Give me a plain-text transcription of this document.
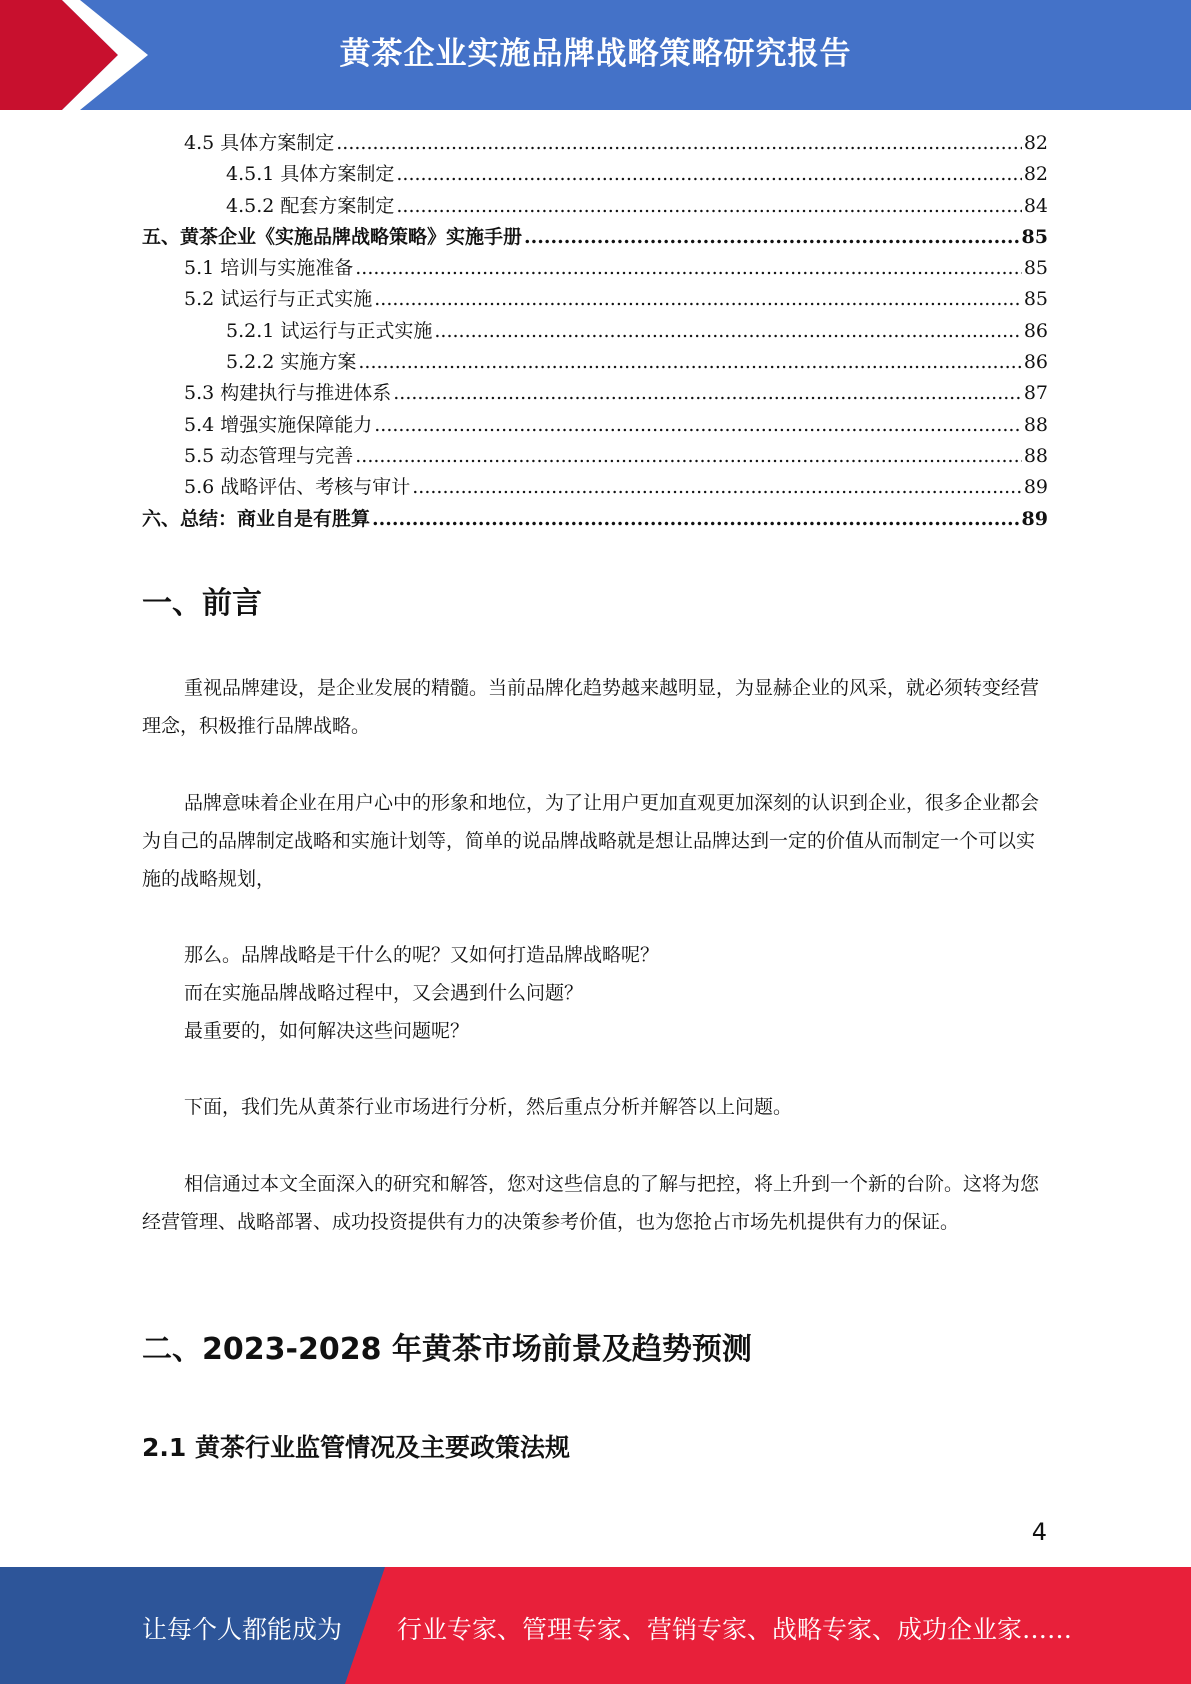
黄茶企业实施品牌战略策略研究报告
4.5 具体方案制定 .....	82
4.5.1 具体方案制定 .....	82
4.5.2 配套方案制定 .....	84
五、黄茶企业《实施品牌战略策略》实施手册 .....	85
5.1 培训与实施准备 .....	85
5.2 试运行与正式实施 .....	85
5.2.1 试运行与正式实施 .....	86
5.2.2 实施方案 .....	86
5.3 构建执行与推进体系 .....	87
5.4 增强实施保障能力 .....	88
5.5 动态管理与完善 .....	88
5.6 战略评估、考核与审计 .....	89
六、总结：商业自是有胜算 .....	89
一、前言

重视品牌建设，是企业发展的精髓。当前品牌化趋势越来越明显，为显赫企业的风采，就必须转变经营理念，积极推行品牌战略。

品牌意味着企业在用户心中的形象和地位，为了让用户更加直观更加深刻的认识到企业，很多企业都会为自己的品牌制定战略和实施计划等，简单的说品牌战略就是想让品牌达到一定的价值从而制定一个可以实施的战略规划，

那么。品牌战略是干什么的呢？又如何打造品牌战略呢？

而在实施品牌战略过程中，又会遇到什么问题？

最重要的，如何解决这些问题呢？

下面，我们先从黄茶行业市场进行分析，然后重点分析并解答以上问题。

相信通过本文全面深入的研究和解答，您对这些信息的了解与把控，将上升到一个新的台阶。这将为您经营管理、战略部署、成功投资提供有力的决策参考价值，也为您抢占市场先机提供有力的保证。

二、2023-2028 年黄茶市场前景及趋势预测
2.1 黄茶行业监管情况及主要政策法规
4
让每个人都能成为 行业专家、管理专家、营销专家、战略专家、成功企业家……
